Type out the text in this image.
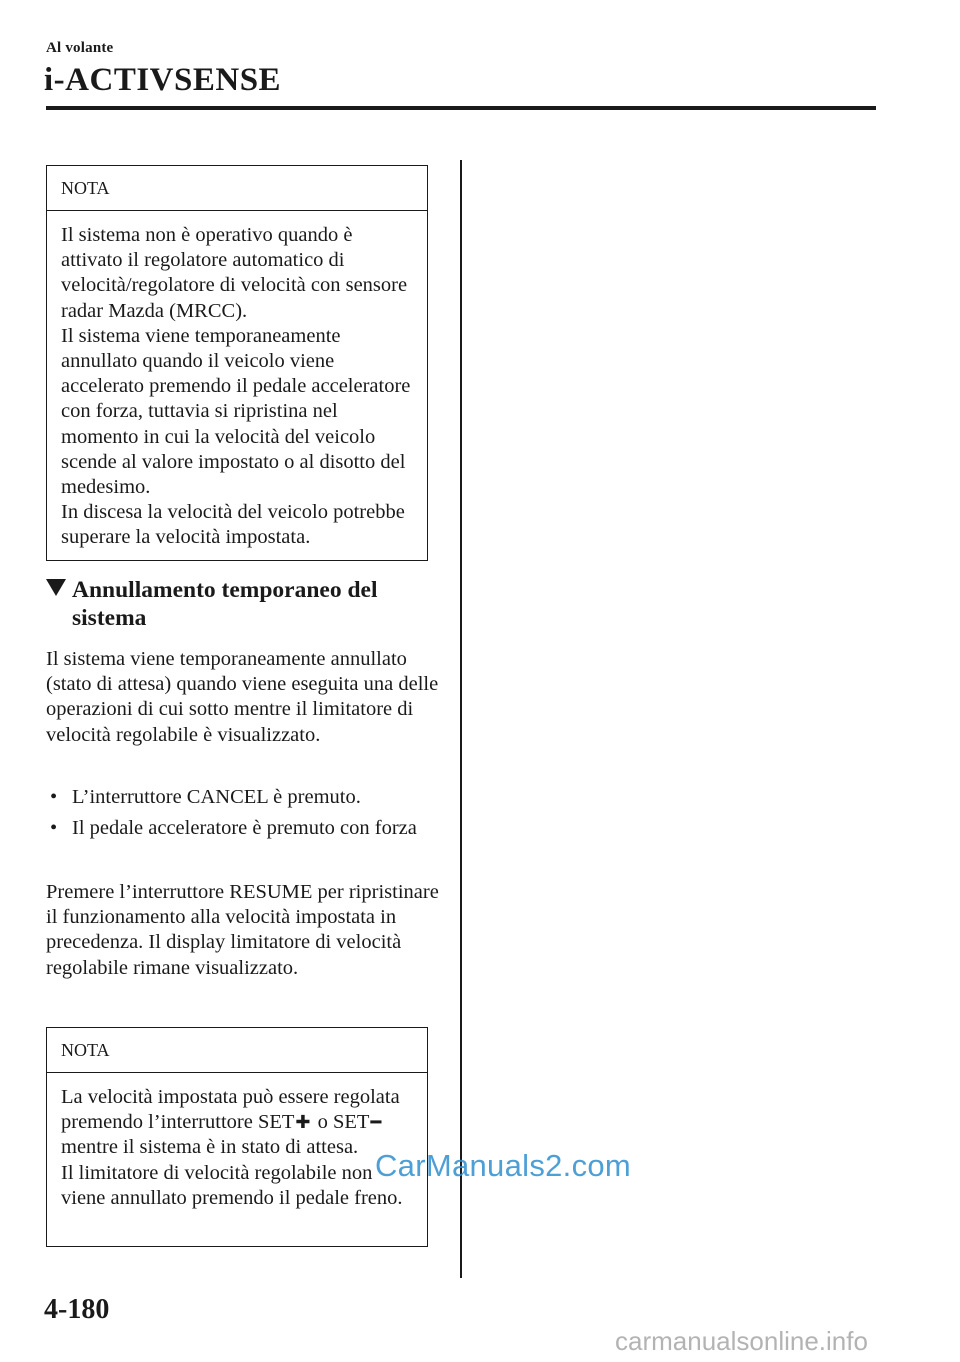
Al volante
i-ACTIVSENSE
NOTA

Il sistema non è operativo quando è attivato il regolatore automatico di velocità/regolatore di velocità con sensore radar Mazda (MRCC).

Il sistema viene temporaneamente annullato quando il veicolo viene accelerato premendo il pedale acceleratore con forza, tuttavia si ripristina nel momento in cui la velocità del veicolo scende al valore impostato o al disotto del medesimo.

In discesa la velocità del veicolo potrebbe superare la velocità impostata.

Annullamento temporaneo del
sistema

Il sistema viene temporaneamente annullato (stato di attesa) quando viene eseguita una delle operazioni di cui sotto mentre il limitatore di velocità regolabile è visualizzato.

• L’interruttore CANCEL è premuto.
• Il pedale acceleratore è premuto con forza

Premere l’interruttore RESUME per ripristinare il funzionamento alla velocità impostata in precedenza. Il display limitatore di velocità regolabile rimane visualizzato.

NOTA

La velocità impostata può essere regolata premendo l’interruttore SET✚ o SET━ mentre il sistema è in stato di attesa.

Il limitatore di velocità regolabile non viene annullato premendo il pedale freno.

4-180
CarManuals2.com
carmanualsonline.info
